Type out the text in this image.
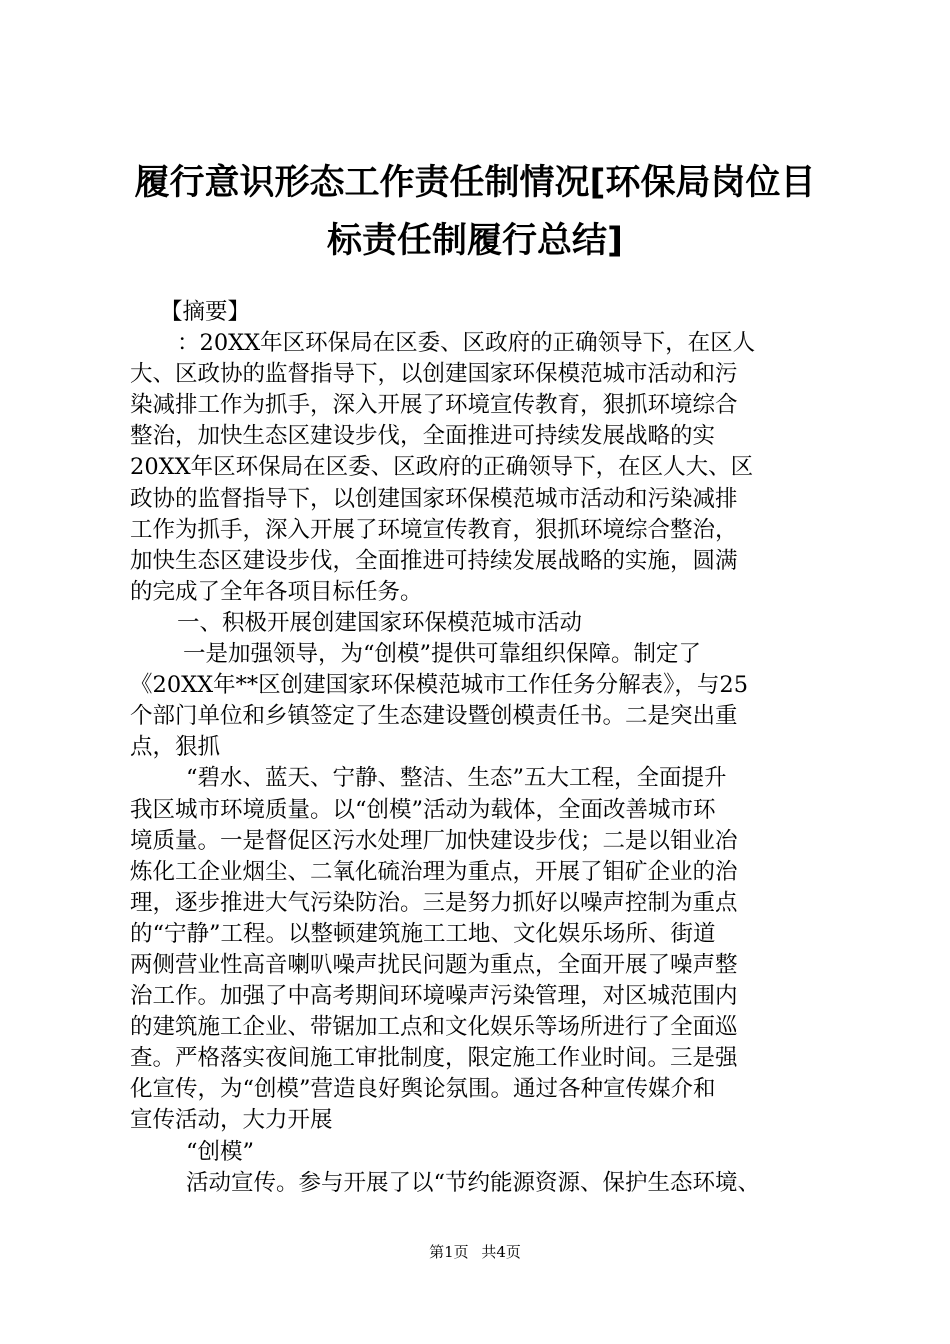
履行意识形态工作责任制情况[环保局岗位目
标责任制履行总结]
【摘要】
：20XX年区环保局在区委、区政府的正确领导下，在区人
大、区政协的监督指导下，以创建国家环保模范城市活动和污
染减排工作为抓手，深入开展了环境宣传教育，狠抓环境综合
整治，加快生态区建设步伐，全面推进可持续发展战略的实
20XX年区环保局在区委、区政府的正确领导下，在区人大、区
政协的监督指导下，以创建国家环保模范城市活动和污染减排
工作为抓手，深入开展了环境宣传教育，狠抓环境综合整治，
加快生态区建设步伐，全面推进可持续发展战略的实施，圆满
的完成了全年各项目标任务。
一、积极开展创建国家环保模范城市活动
一是加强领导，为“创模”提供可靠组织保障。制定了
《20XX年**区创建国家环保模范城市工作任务分解表》，与25
个部门单位和乡镇签定了生态建设暨创模责任书。二是突出重
点，狠抓
“碧水、蓝天、宁静、整洁、生态”五大工程，全面提升
我区城市环境质量。以“创模”活动为载体，全面改善城市环
境质量。一是督促区污水处理厂加快建设步伐；二是以钼业冶
炼化工企业烟尘、二氧化硫治理为重点，开展了钼矿企业的治
理，逐步推进大气污染防治。三是努力抓好以噪声控制为重点
的“宁静”工程。以整顿建筑施工工地、文化娱乐场所、街道
两侧营业性高音喇叭噪声扰民问题为重点，全面开展了噪声整
治工作。加强了中高考期间环境噪声污染管理，对区城范围内
的建筑施工企业、带锯加工点和文化娱乐等场所进行了全面巡
查。严格落实夜间施工审批制度，限定施工作业时间。三是强
化宣传，为“创模”营造良好舆论氛围。通过各种宣传媒介和
宣传活动，大力开展
“创模”
活动宣传。参与开展了以“节约能源资源、保护生态环境、
第1页 共4页
